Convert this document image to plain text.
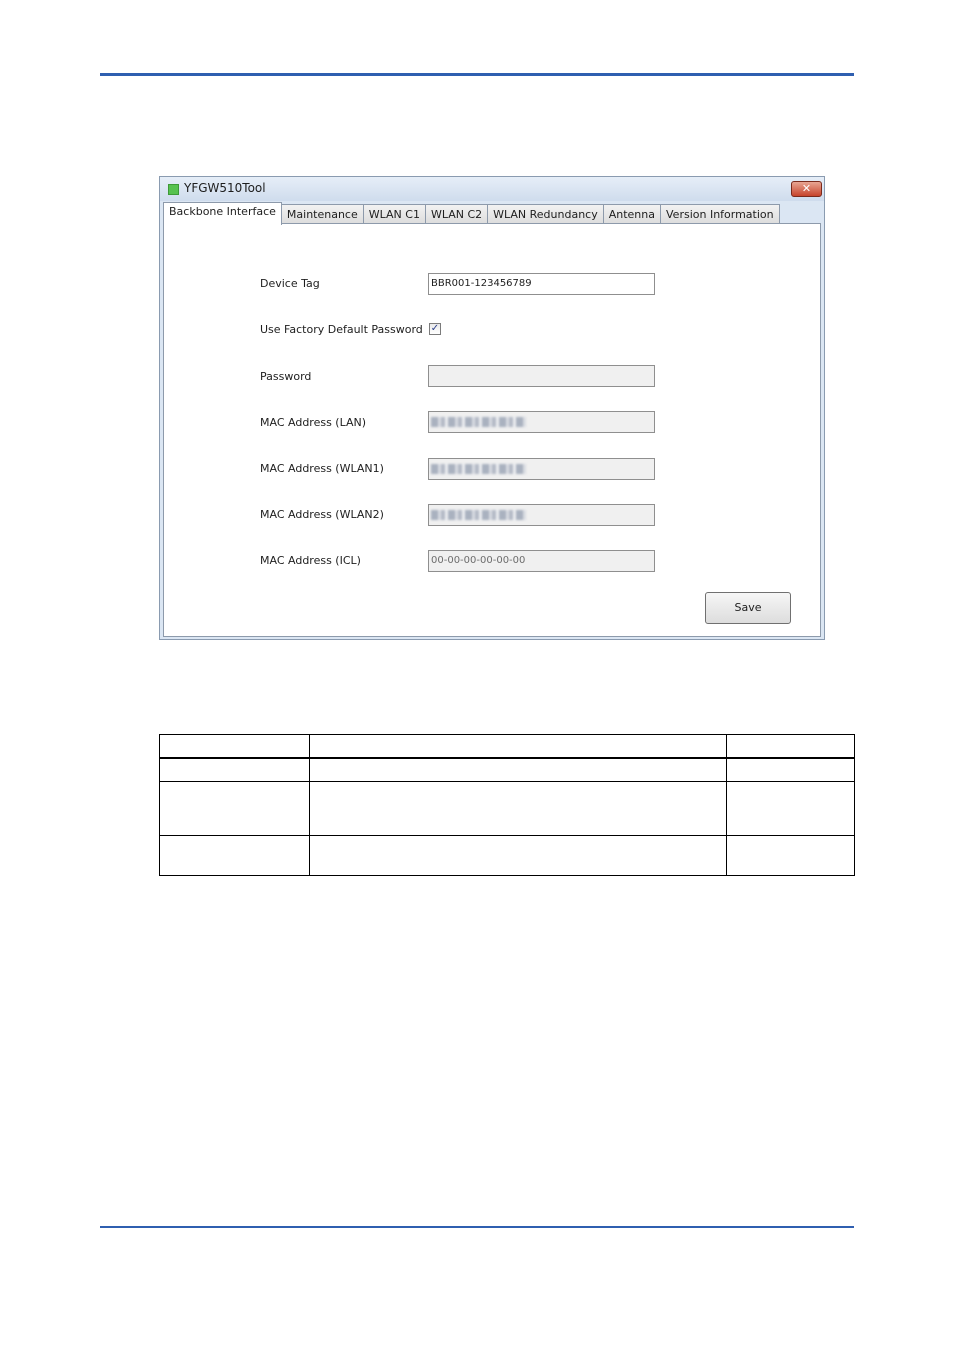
YFGW510Tool	✕
Backbone Interface Maintenance WLAN C1 WLAN C2 WLAN Redundancy Antenna Version Information
Device Tag	BBR001-123456789
Use Factory Default Password ✓
Password
MAC Address (LAN)
MAC Address (WLAN1)
MAC Address (WLAN2)
MAC Address (ICL)	00-00-00-00-00-00
Save
